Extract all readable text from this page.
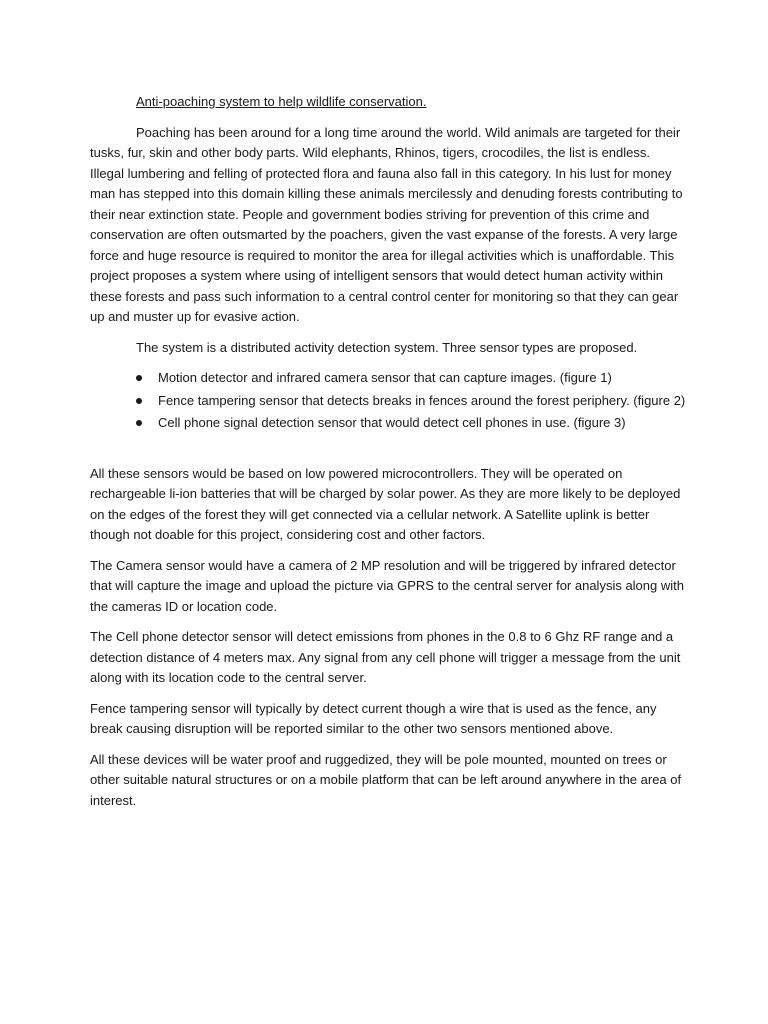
Anti-poaching system to help wildlife conservation.

Poaching has been around for a long time around the world. Wild animals are targeted for their tusks, fur, skin and other body parts. Wild elephants, Rhinos, tigers, crocodiles, the list is endless. Illegal lumbering and felling of protected flora and fauna also fall in this category. In his lust for money man has stepped into this domain killing these animals mercilessly and denuding forests contributing to their near extinction state. People and government bodies striving for prevention of this crime and conservation are often outsmarted by the poachers, given the vast expanse of the forests. A very large force and huge resource is required to monitor the area for illegal activities which is unaffordable. This project proposes a system where using of intelligent sensors that would detect human activity within these forests and pass such information to a central control center for monitoring so that they can gear up and muster up for evasive action.

The system is a distributed activity detection system. Three sensor types are proposed.

Motion detector and infrared camera sensor that can capture images. (figure 1)
Fence tampering sensor that detects breaks in fences around the forest periphery. (figure 2)
Cell phone signal detection sensor that would detect cell phones in use. (figure 3)

All these sensors would be based on low powered microcontrollers. They will be operated on rechargeable li-ion batteries that will be charged by solar power. As they are more likely to be deployed on the edges of the forest they will get connected via a cellular network. A Satellite uplink is better though not doable for this project, considering cost and other factors.

The Camera sensor would have a camera of 2 MP resolution and will be triggered by infrared detector that will capture the image and upload the picture via GPRS to the central server for analysis along with the cameras ID or location code.

The Cell phone detector sensor will detect emissions from phones in the 0.8 to 6 Ghz RF range and a detection distance of 4 meters max. Any signal from any cell phone will trigger a message from the unit along with its location code to the central server.

Fence tampering sensor will typically by detect current though a wire that is used as the fence, any break causing disruption will be reported similar to the other two sensors mentioned above.

All these devices will be water proof and ruggedized, they will be pole mounted, mounted on trees or other suitable natural structures or on a mobile platform that can be left around anywhere in the area of interest.
